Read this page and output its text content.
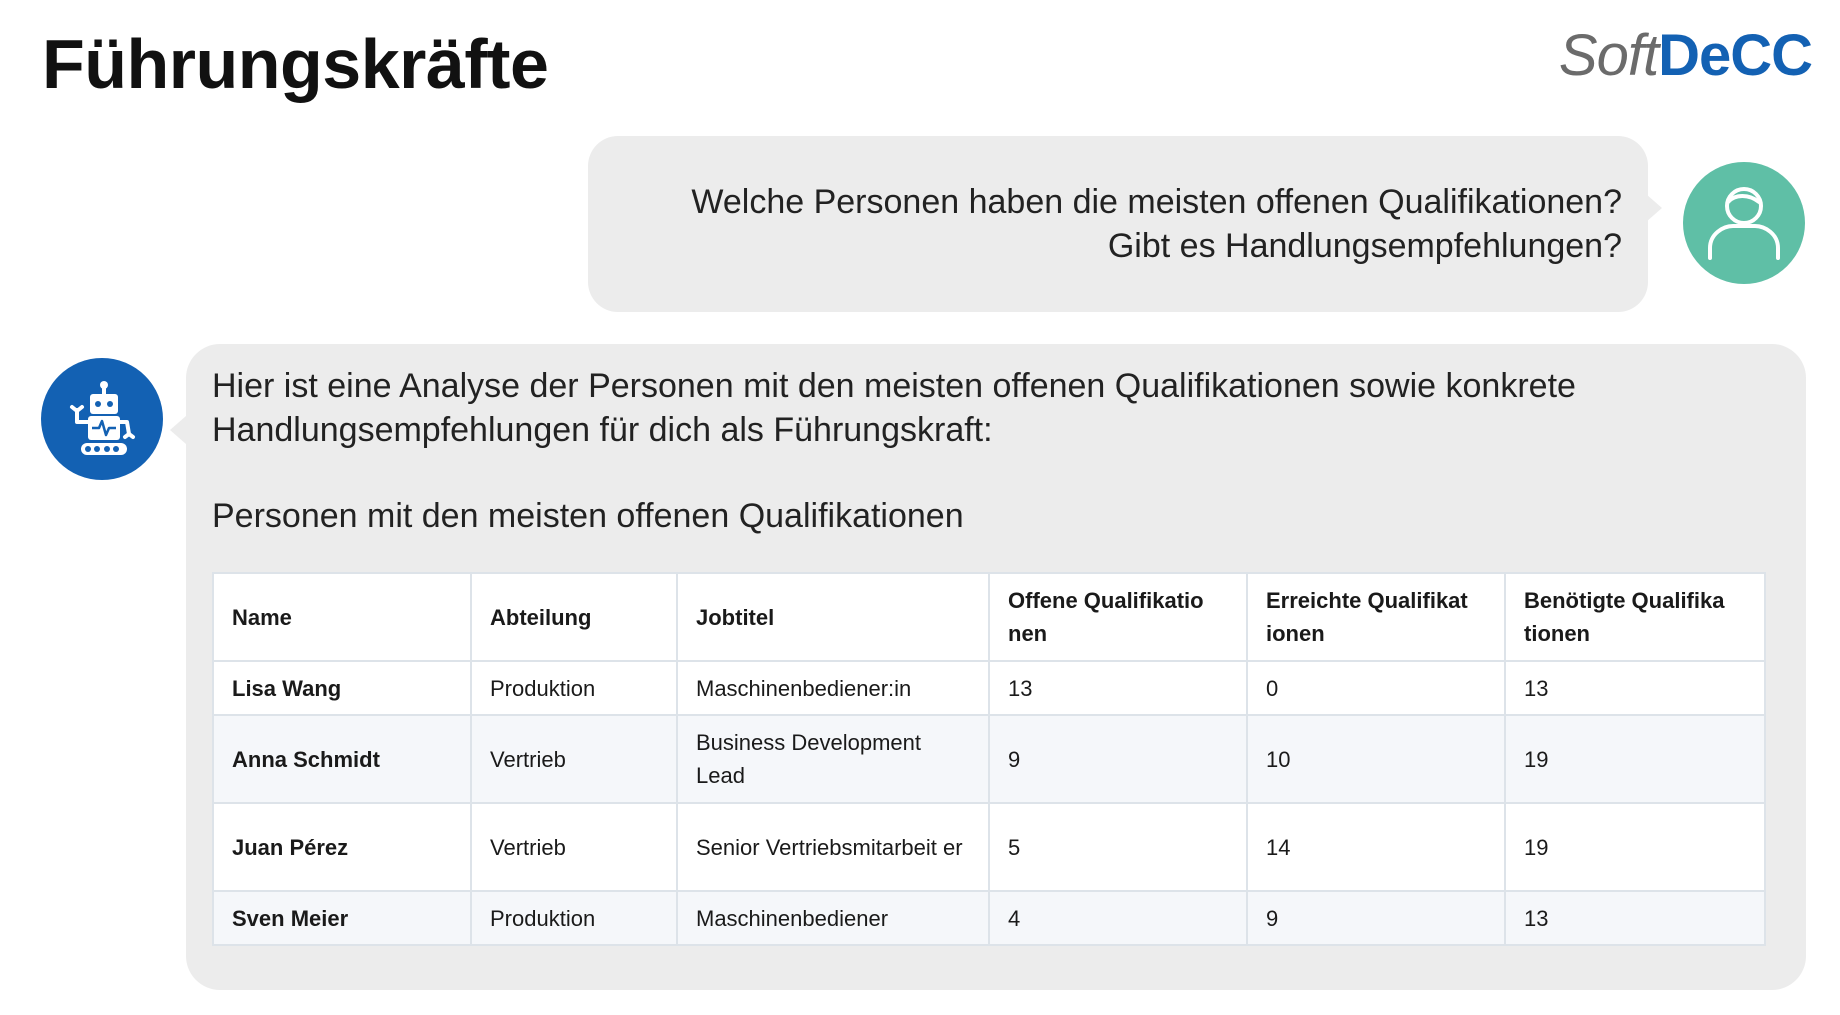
Führungskräfte	SoftDeCC
Welche Personen haben die meisten offenen Qualifikationen?
Gibt es Handlungsempfehlungen?
Hier ist eine Analyse der Personen mit den meisten offenen Qualifikationen sowie konkrete Handlungsempfehlungen für dich als Führungskraft:
Personen mit den meisten offenen Qualifikationen
Name	Abteilung	Jobtitel	Offene Qualifikatio nen	Erreichte Qualifikat ionen	Benötigte Qualifika tionen
Lisa Wang	Produktion	Maschinenbediener:in	13	0	13
Anna Schmidt	Vertrieb	Business Development Lead	9	10	19
Juan Pérez	Vertrieb	Senior Vertriebsmitarbeit er	5	14	19
Sven Meier	Produktion	Maschinenbediener	4	9	13
